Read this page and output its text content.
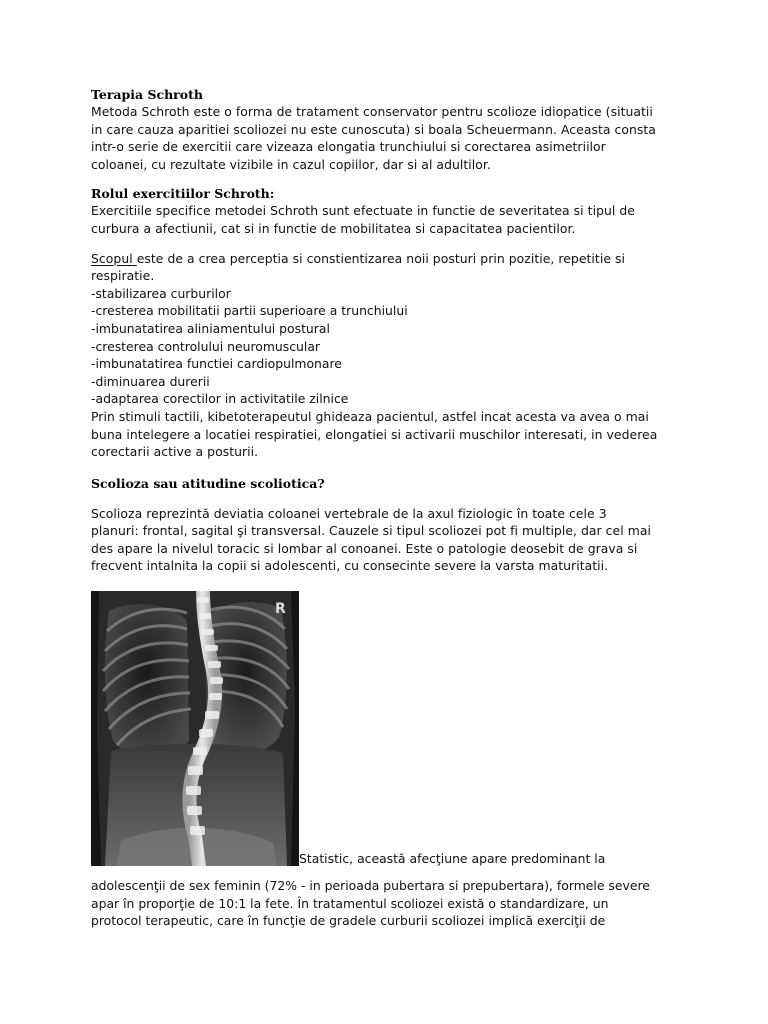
Terapia Schroth

Metoda Schroth este o forma de tratament conservator pentru scolioze idiopatice (situatii

in care cauza aparitiei scoliozei nu este cunoscuta) si boala Scheuermann. Aceasta consta

intr-o serie de exercitii care vizeaza elongatia trunchiului si corectarea asimetriilor

coloanei, cu rezultate vizibile in cazul copiilor, dar si al adultilor.

Rolul exercitiilor Schroth:

Exercitiile specifice metodei Schroth sunt efectuate in functie de severitatea si tipul de

curbura a afectiunii, cat si in functie de mobilitatea si capacitatea pacientilor.

Scopul este de a crea perceptia si constientizarea noii posturi prin pozitie, repetitie si

respiratie.

-stabilizarea curburilor
-cresterea mobilitatii partii superioare a trunchiului
-imbunatatirea aliniamentului postural
-cresterea controlului neuromuscular
-imbunatatirea functiei cardiopulmonare
-diminuarea durerii
-adaptarea corectilor in activitatile zilnice

Prin stimuli tactili, kibetoterapeutul ghideaza pacientul, astfel incat acesta va avea o mai

buna intelegere a locatiei respiratiei, elongatiei si activarii muschilor interesati, in vederea

corectarii active a posturii.

Scolioza sau atitudine scoliotica?

Scolioza reprezintă deviatia coloanei vertebrale de la axul fiziologic în toate cele 3

planuri: frontal, sagital şi transversal. Cauzele si tipul scoliozei pot fi multiple, dar cel mai

des apare la nivelul toracic si lombar al conoanei. Este o patologie deosebit de grava si

frecvent intalnita la copii si adolescenti, cu consecinte severe la varsta maturitatii.

R
Statistic, această afecţiune apare predominant la

adolescenţii de sex feminin (72% - in perioada pubertara si prepubertara), formele severe

apar în proporţie de 10:1 la fete. În tratamentul scoliozei există o standardizare, un

protocol terapeutic, care în funcţie de gradele curburii scoliozei implică exerciţii de
